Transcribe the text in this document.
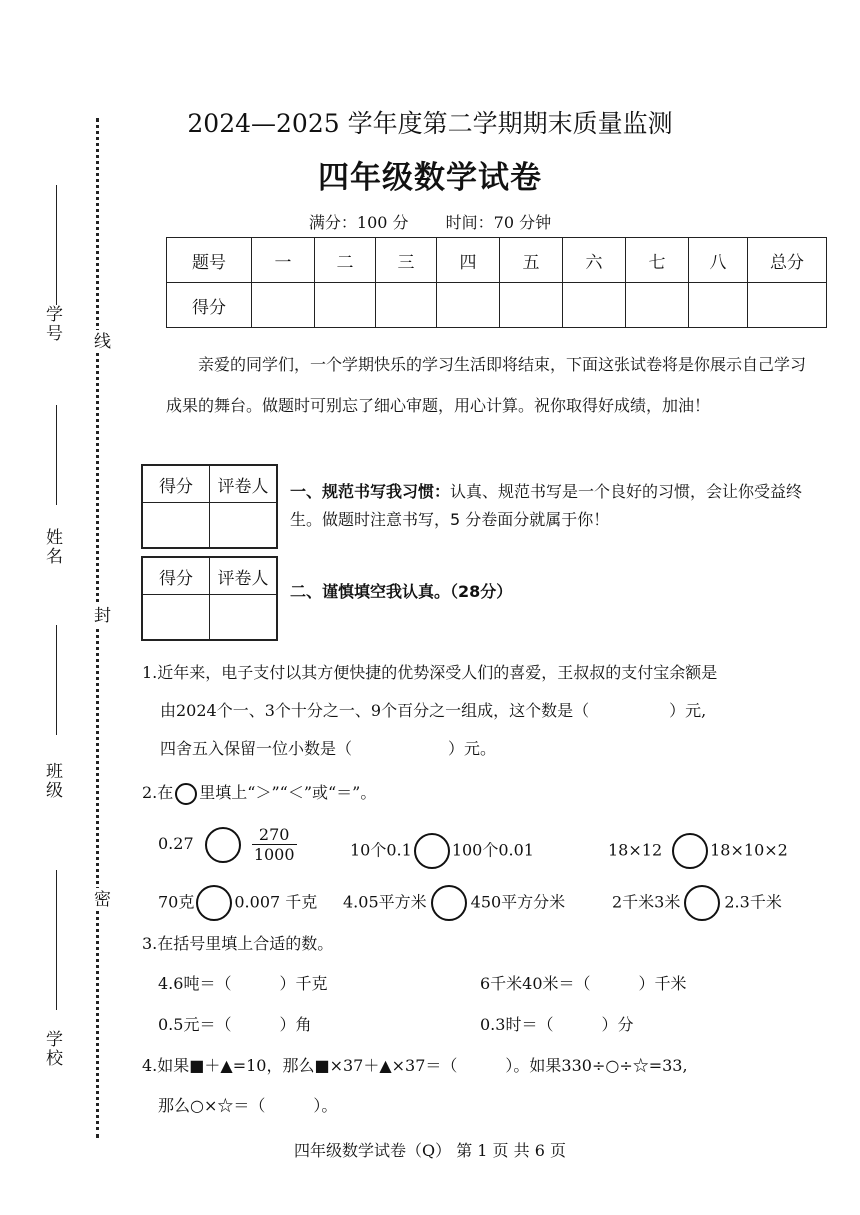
学号
姓名
班级
学校
线
封
密
2024—2025 学年度第二学期期末质量监测
四年级数学试卷
满分：100 分 时间：70 分钟
题号	一	二	三	四	五	六	七	八	总分
得分									
亲爱的同学们，一个学期快乐的学习生活即将结束，下面这张试卷将是你展示自己学习成果的舞台。做题时可别忘了细心审题，用心计算。祝你取得好成绩，加油！
得分	评卷人
	一、规范书写我习惯：认真、规范书写是一个良好的习惯，会让你受益终生。做题时注意书写，5 分卷面分就属于你！
得分	评卷人

二、谨慎填空我认真。（28分）
1.近年来，电子支付以其方便快捷的优势深受人们的喜爱，王叔叔的支付宝余额是
由2024个一、3个十分之一、9个百分之一组成，这个数是（　　　　　）元,
四舍五入保留一位小数是（　　　　　　）元。
2.在 里填上“＞”“＜”或“＝”。
0.27	$\frac{270}{1000}$	10个0.1	100个0.01	18×12	18×10×2
70克	0.007 千克 4.05平方米	450平方分米	2千米3米	2.3千米
3.在括号里填上合适的数。
4.6吨＝（　　　）千克	6千米40米＝（　　　）千米
0.5元＝（　　　）角	0.3时＝（　　　）分
4.如果■＋▲=10，那么■×37＋▲×37＝（　　　）。如果330÷○÷☆=33,
那么○×☆＝（　　　）。
四年级数学试卷（Q） 第 1 页 共 6 页
